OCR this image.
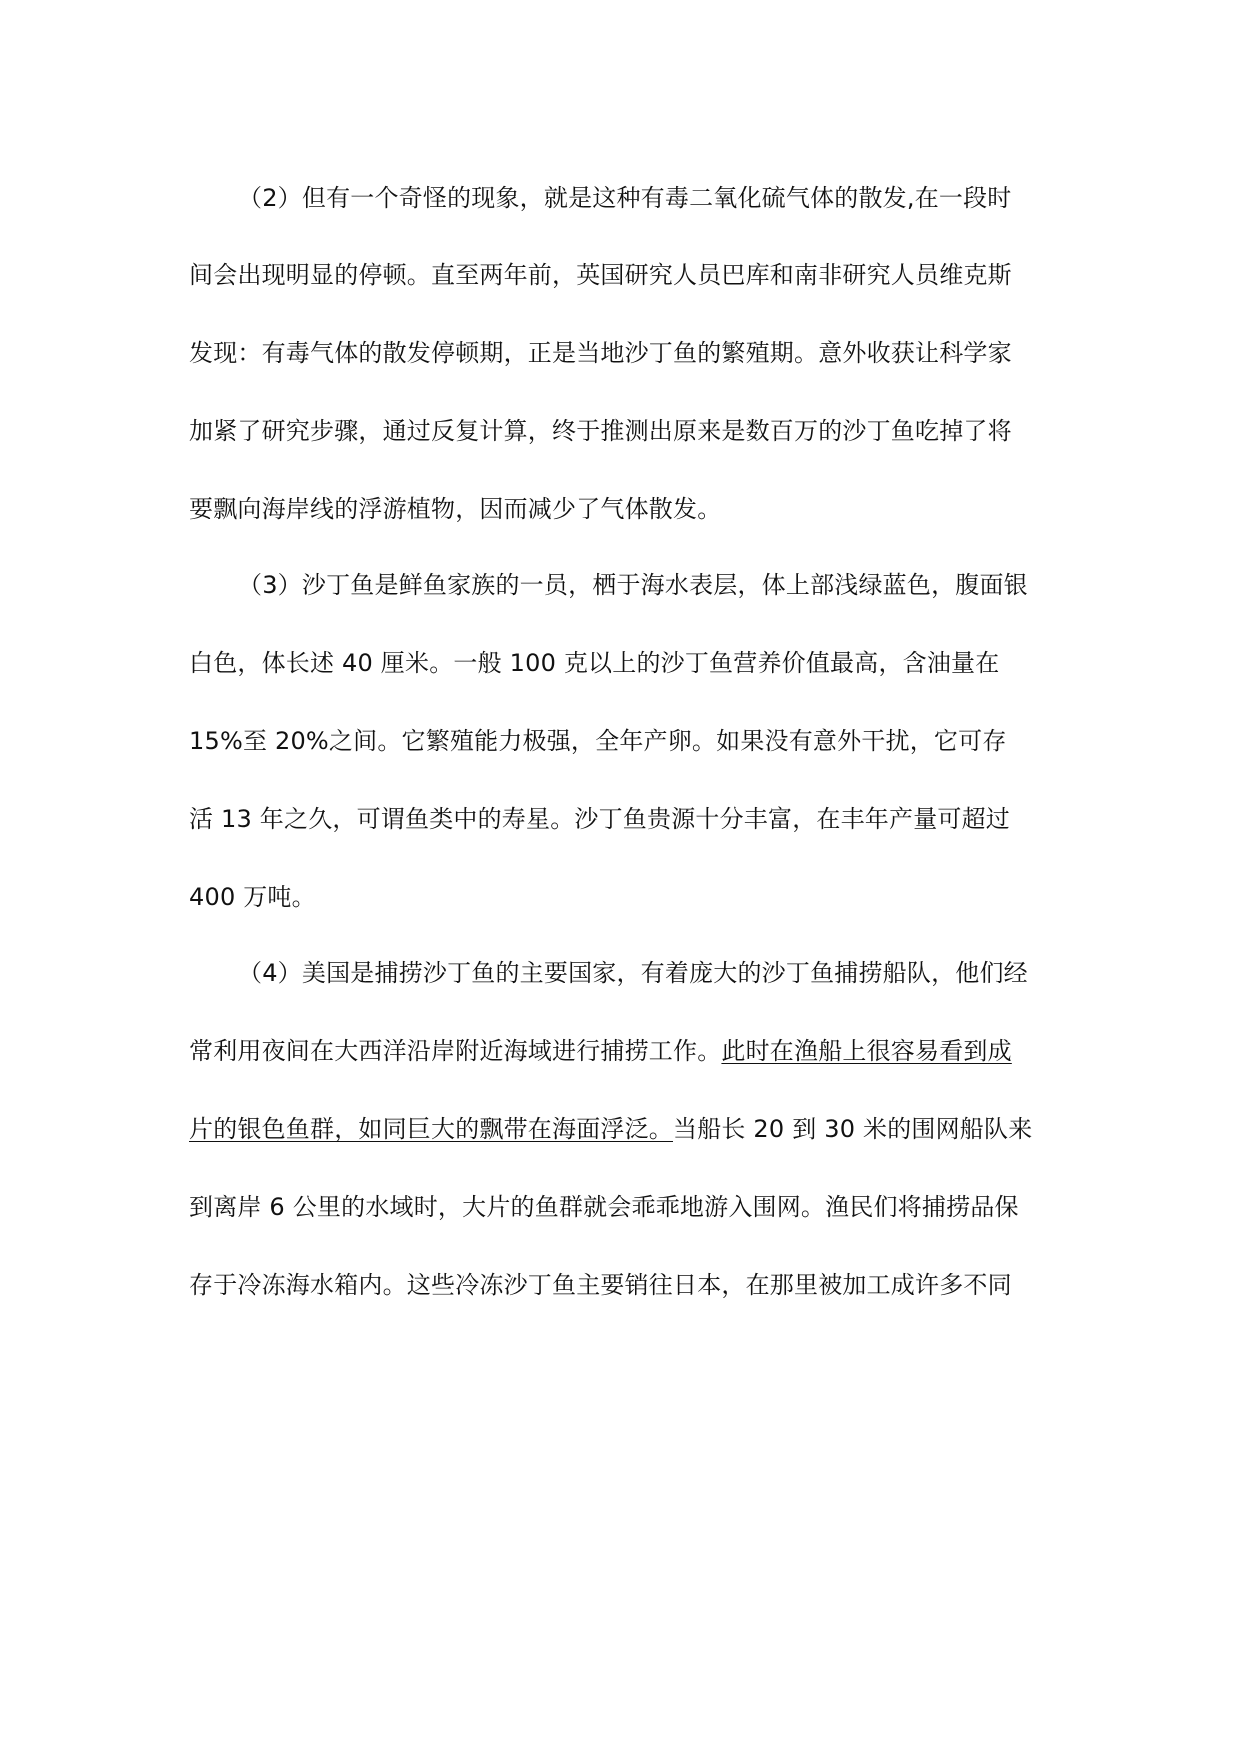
（2）但有一个奇怪的现象，就是这种有毒二氧化硫气体的散发,在一段时
间会出现明显的停顿。直至两年前，英国研究人员巴库和南非研究人员维克斯
发现：有毒气体的散发停顿期，正是当地沙丁鱼的繁殖期。意外收获让科学家
加紧了研究步骤，通过反复计算，终于推测出原来是数百万的沙丁鱼吃掉了将
要飘向海岸线的浮游植物，因而减少了气体散发。
（3）沙丁鱼是鲜鱼家族的一员，栖于海水表层，体上部浅绿蓝色，腹面银
白色，体长述 40 厘米。一般 100 克以上的沙丁鱼营养价值最高，含油量在
15%至 20%之间。它繁殖能力极强，全年产卵。如果没有意外干扰，它可存
活 13 年之久，可谓鱼类中的寿星。沙丁鱼贵源十分丰富，在丰年产量可超过
400 万吨。
（4）美国是捕捞沙丁鱼的主要国家，有着庞大的沙丁鱼捕捞船队，他们经
常利用夜间在大西洋沿岸附近海域进行捕捞工作。此时在渔船上很容易看到成
片的银色鱼群，如同巨大的飘带在海面浮泛。当船长 20 到 30 米的围网船队来
到离岸 6 公里的水域时，大片的鱼群就会乖乖地游入围网。渔民们将捕捞品保
存于冷冻海水箱内。这些冷冻沙丁鱼主要销往日本，在那里被加工成许多不同
